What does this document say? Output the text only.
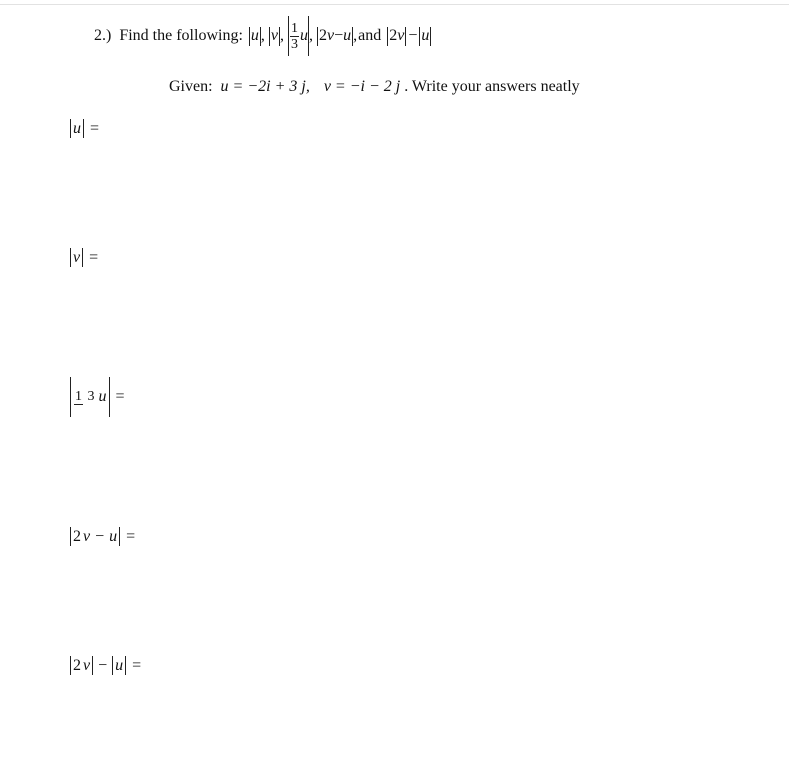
2.) Find the following: u , v , $\frac{1}{3}$ u , 2 v − u , and 2 v − u
Given: u = −2i + 3 j, v = −i − 2 j . Write your answers neatly
u =
v =
1 3 u =
2 v − u =
2 v − u =
